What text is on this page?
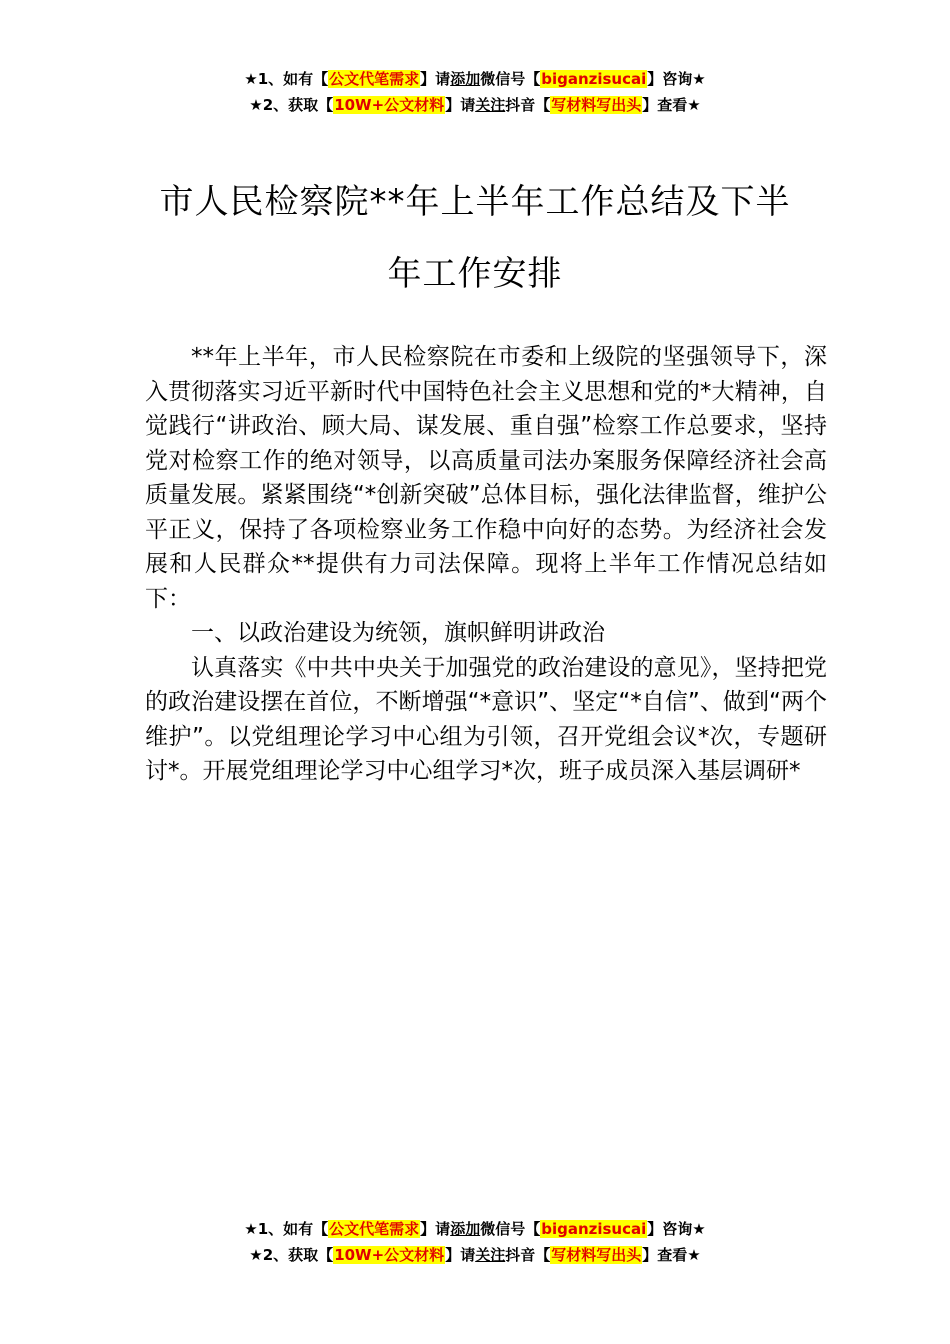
★1、如有【公文代笔需求】请添加微信号【biganzisucai】咨询★
★2、获取【10W+公文材料】请关注抖音【写材料写出头】查看★
市人民检察院**年上半年工作总结及下半
年工作安排

**年上半年，市人民检察院在市委和上级院的坚强领导下，深入贯彻落实习近平新时代中国特色社会主义思想和党的*大精神，自觉践行“讲政治、顾大局、谋发展、重自强”检察工作总要求，坚持党对检察工作的绝对领导，以高质量司法办案服务保障经济社会高质量发展。紧紧围绕“*创新突破”总体目标，强化法律监督，维护公平正义，保持了各项检察业务工作稳中向好的态势。为经济社会发展和人民群众**提供有力司法保障。现将上半年工作情况总结如下：

一、以政治建设为统领，旗帜鲜明讲政治

认真落实《中共中央关于加强党的政治建设的意见》，坚持把党的政治建设摆在首位，不断增强“*意识”、坚定“*自信”、做到“两个维护”。以党组理论学习中心组为引领，召开党组会议*次，专题研讨*。开展党组理论学习中心组学习*次，班子成员深入基层调研*

★1、如有【公文代笔需求】请添加微信号【biganzisucai】咨询★
★2、获取【10W+公文材料】请关注抖音【写材料写出头】查看★
